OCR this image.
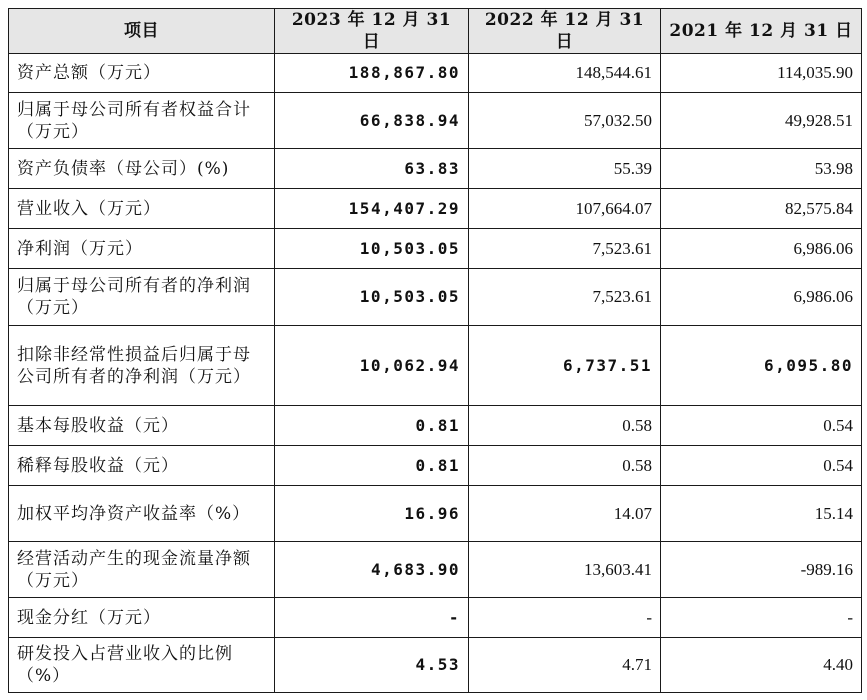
项目	2023 年 12 月 31 日	2022 年 12 月 31 日	2021 年 12 月 31 日
资产总额（万元）	188,867.80	148,544.61	114,035.90
归属于母公司所有者权益合计（万元）	66,838.94	57,032.50	49,928.51
资产负债率（母公司）(%)	63.83	55.39	53.98
营业收入（万元）	154,407.29	107,664.07	82,575.84
净利润（万元）	10,503.05	7,523.61	6,986.06
归属于母公司所有者的净利润（万元）	10,503.05	7,523.61	6,986.06
扣除非经常性损益后归属于母公司所有者的净利润（万元）	10,062.94	6,737.51	6,095.80
基本每股收益（元）	0.81	0.58	0.54
稀释每股收益（元）	0.81	0.58	0.54
加权平均净资产收益率（%）	16.96	14.07	15.14
经营活动产生的现金流量净额（万元）	4,683.90	13,603.41	-989.16
现金分红（万元）	-	-	-
研发投入占营业收入的比例（%）	4.53	4.71	4.40
